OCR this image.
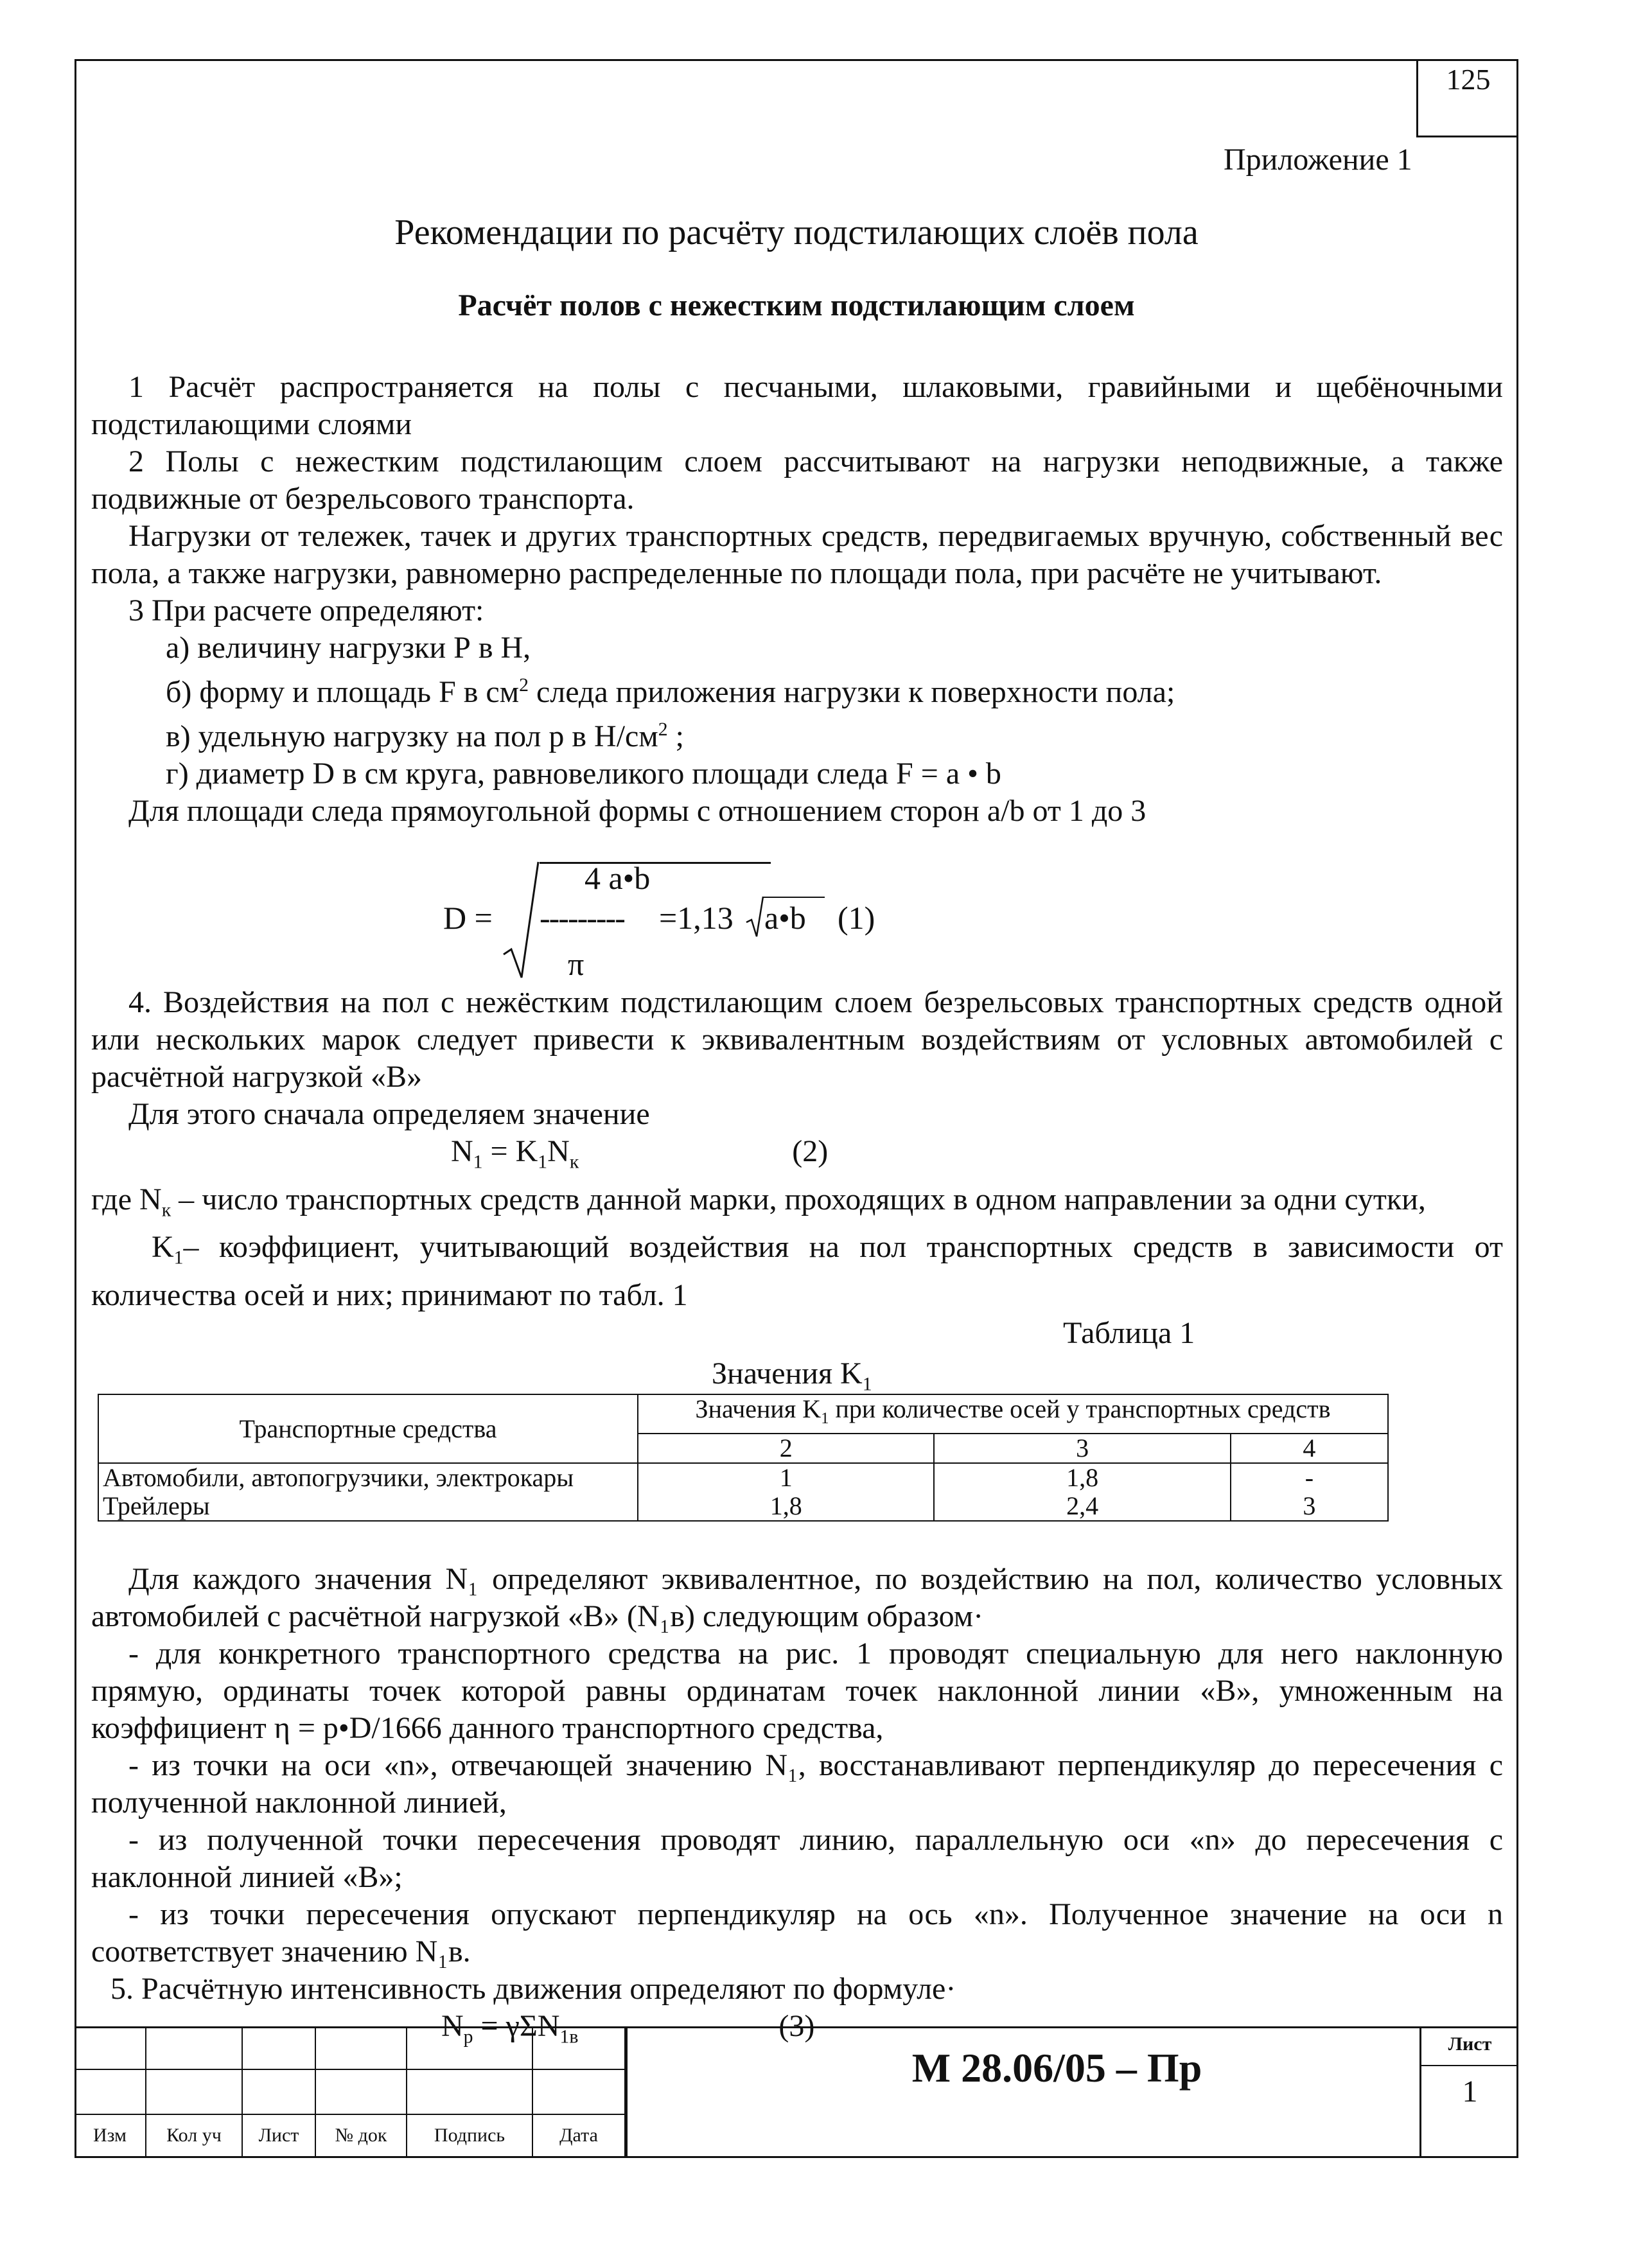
125
Приложение 1
Рекомендации по расчёту подстилающих слоёв пола
Расчёт полов с нежестким подстилающим слоем

1 Расчёт распространяется на полы с песчаными, шлаковыми, гравийными и щебёночными подстилающими слоями

2 Полы с нежестким подстилающим слоем рассчитывают на нагрузки неподвижные, а также подвижные от безрельсового транспорта.

Нагрузки от тележек, тачек и других транспортных средств, передвигаемых вручную, собственный вес пола, а также нагрузки, равномерно распределенные по площади пола, при расчёте не учитывают.

3 При расчете определяют:

а) величину нагрузки Р в Н,

б) форму и площадь F в $см^2$ следа приложения нагрузки к поверхности пола;

в) удельную нагрузку на пол р в $Н/см^2$ ;

г) диаметр D в см круга, равновеликого площади следа F = a • b

Для площади следа прямоугольной формы с отношением сторон а/b от 1 до 3

D =
4 a•b
--------- =1,13 a•b
π
(1)

4. Воздействия на пол с нежёстким подстилающим слоем безрельсовых транспортных средств одной или нескольких марок следует привести к эквивалентным воздействиям от условных автомобилей с расчётной нагрузкой «В»

Для этого сначала определяем значение

$N_1 = K_1N_к$	(2)

где $N_к$ – число транспортных средств данной марки, проходящих в одном направлении за одни сутки,

$K_1-$ коэффициент, учитывающий воздействия на пол транспортных средств в зависимости от количества осей и них; принимают по табл. 1

Таблица 1
Значения $K_1$
Транспортные средства	Значения $K_1$ при количестве осей у транспортных средств		
	2	3	4
Автомобили, автопогрузчики, электрокары	1	1,8	-
Трейлеры	1,8	2,4	3

Для каждого значения N₁ определяют эквивалентное, по воздействию на пол, количество условных автомобилей с расчётной нагрузкой «В» (N₁в) следующим образом·

- для конкретного транспортного средства на рис. 1 проводят специальную для него наклонную прямую, ординаты точек которой равны ординатам точек наклонной линии «В», умноженным на коэффициент η = p•D/1666 данного транспортного средства,

- из точки на оси «n», отвечающей значению N₁, восстанавливают перпендикуляр до пересечения с полученной наклонной линией,

- из полученной точки пересечения проводят линию, параллельную оси «n» до пересечения с наклонной линией «В»;

- из точки пересечения опускают перпендикуляр на ось «n». Полученное значение на оси n соответствует значению N₁в.

5. Расчётную интенсивность движения определяют по формуле·

$N_p = \gamma\Sigma N_{1в}$	(3)

Изм	Кол уч	Лист	№ док	Подпись	Дата
М 28.06/05 – Пр
Лист
1
